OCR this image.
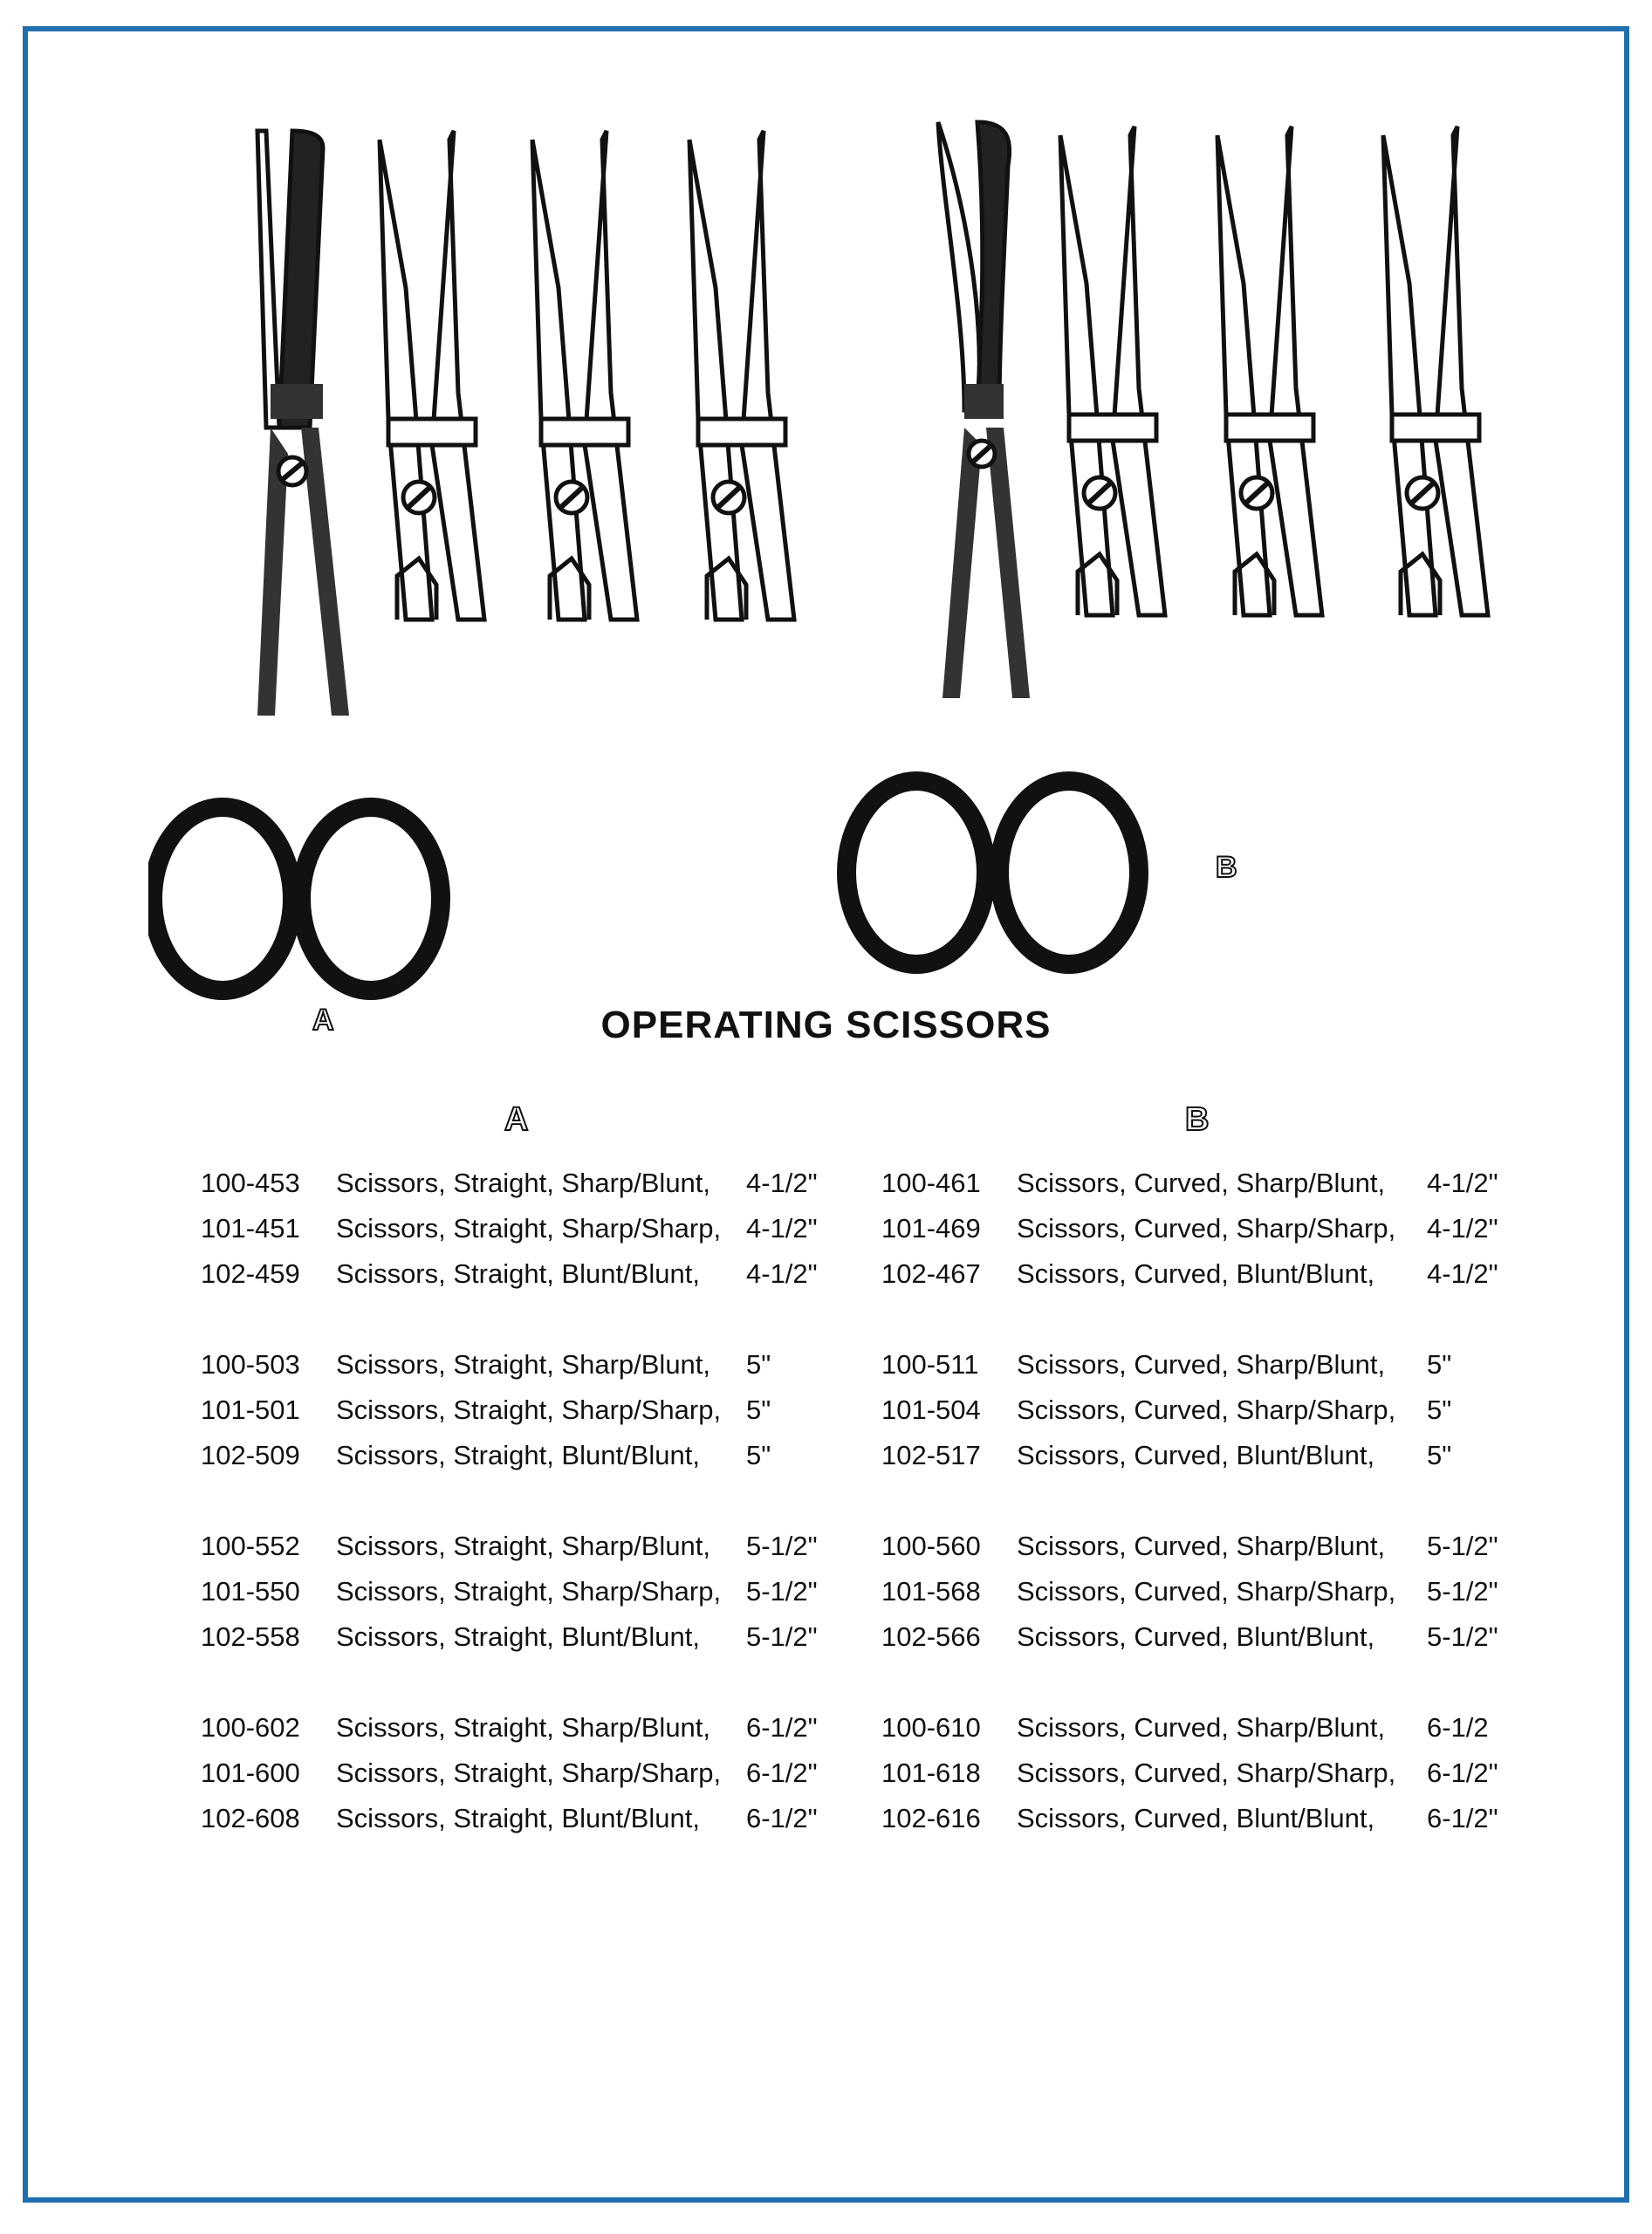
A
B
OPERATING SCISSORS
A	B
100-453	Scissors, Straight, Sharp/Blunt,	4-1/2"
101-451	Scissors, Straight, Sharp/Sharp, 4-1/2"
102-459	Scissors, Straight, Blunt/Blunt,	4-1/2"
100-503	Scissors, Straight, Sharp/Blunt,	5"
101-501	Scissors, Straight, Sharp/Sharp, 5"
102-509	Scissors, Straight, Blunt/Blunt,	5"
100-552	Scissors, Straight, Sharp/Blunt,	5-1/2"
101-550	Scissors, Straight, Sharp/Sharp, 5-1/2"
102-558	Scissors, Straight, Blunt/Blunt,	5-1/2"
100-602	Scissors, Straight, Sharp/Blunt,	6-1/2"
101-600	Scissors, Straight, Sharp/Sharp, 6-1/2"
102-608	Scissors, Straight, Blunt/Blunt,	6-1/2"
100-461	Scissors, Curved, Sharp/Blunt,	4-1/2"
101-469	Scissors, Curved, Sharp/Sharp,	4-1/2"
102-467	Scissors, Curved, Blunt/Blunt,	4-1/2"
100-511	Scissors, Curved, Sharp/Blunt,	5"
101-504	Scissors, Curved, Sharp/Sharp,	5"
102-517	Scissors, Curved, Blunt/Blunt,	5"
100-560	Scissors, Curved, Sharp/Blunt,	5-1/2"
101-568	Scissors, Curved, Sharp/Sharp,	5-1/2"
102-566	Scissors, Curved, Blunt/Blunt,	5-1/2"
100-610	Scissors, Curved, Sharp/Blunt,	6-1/2
101-618	Scissors, Curved, Sharp/Sharp,	6-1/2"
102-616	Scissors, Curved, Blunt/Blunt,	6-1/2"
